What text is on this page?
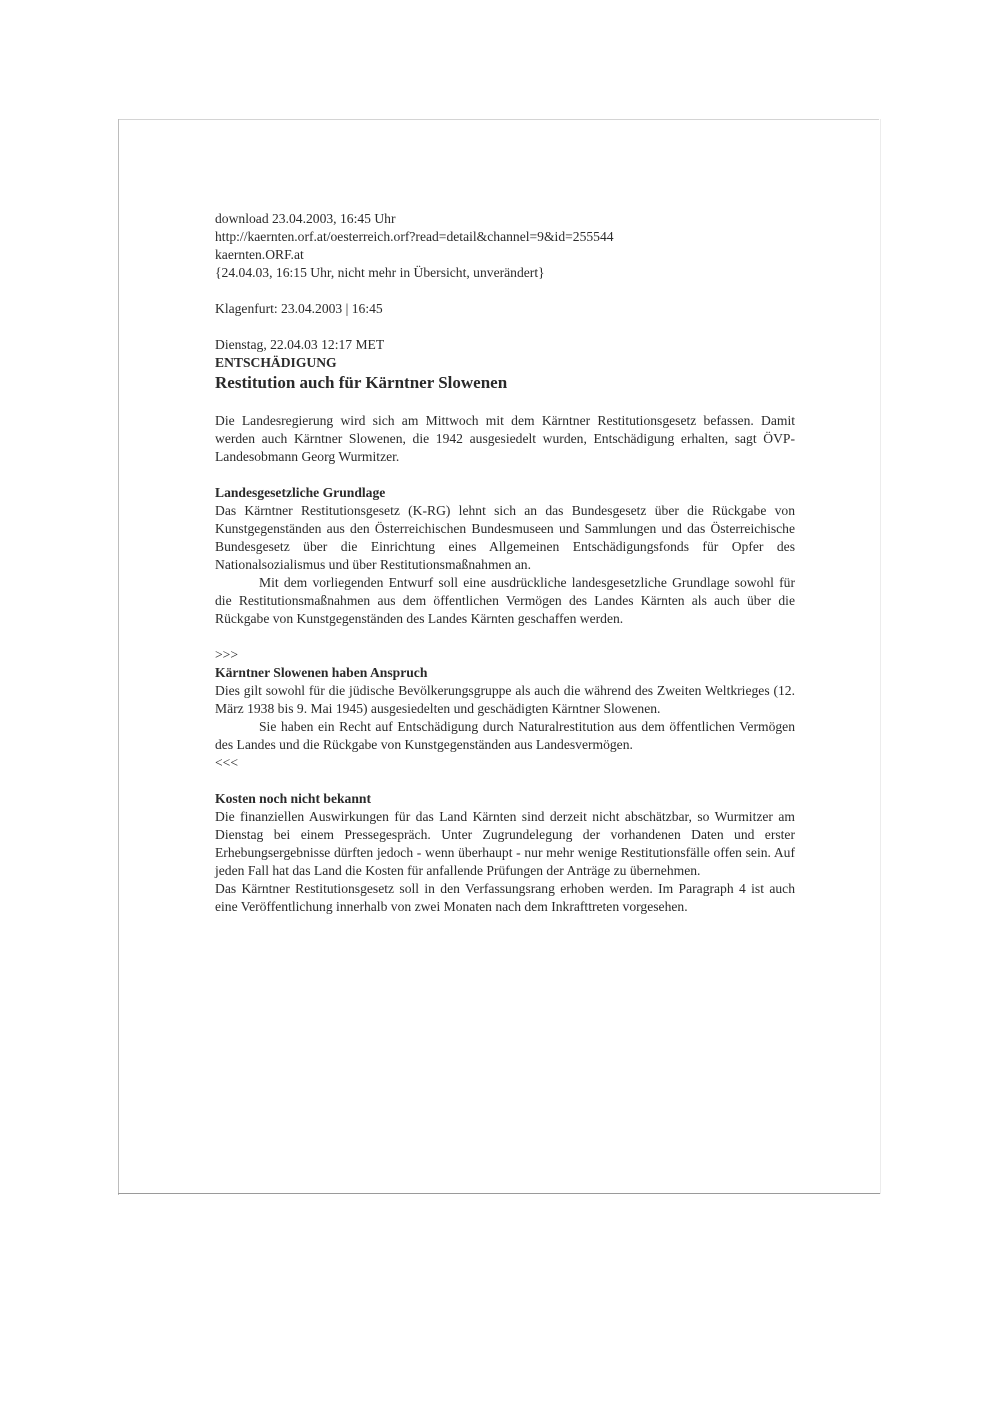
download 23.04.2003, 16:45 Uhr
http://kaernten.orf.at/oesterreich.orf?read=detail&channel=9&id=255544
kaernten.ORF.at
{24.04.03, 16:15 Uhr, nicht mehr in Übersicht, unverändert}
Klagenfurt: 23.04.2003 | 16:45
Dienstag, 22.04.03 12:17 MET
ENTSCHÄDIGUNG
Restitution auch für Kärntner Slowenen

Die Landesregierung wird sich am Mittwoch mit dem Kärntner Restitutionsgesetz befassen. Damit werden auch Kärntner Slowenen, die 1942 ausgesiedelt wurden, Entschädigung erhalten, sagt ÖVP-Landesobmann Georg Wurmitzer.

Landesgesetzliche Grundlage

Das Kärntner Restitutionsgesetz (K-RG) lehnt sich an das Bundesgesetz über die Rückgabe von Kunstgegenständen aus den Österreichischen Bundesmuseen und Sammlungen und das Österreichische Bundesgesetz über die Einrichtung eines Allgemeinen Entschädigungsfonds für Opfer des Nationalsozialismus und über Restitutionsmaßnahmen an.

Mit dem vorliegenden Entwurf soll eine ausdrückliche landesgesetzliche Grundlage sowohl für die Restitutionsmaßnahmen aus dem öffentlichen Vermögen des Landes Kärnten als auch über die Rückgabe von Kunstgegenständen des Landes Kärnten geschaffen werden.

>>>
Kärntner Slowenen haben Anspruch

Dies gilt sowohl für die jüdische Bevölkerungsgruppe als auch die während des Zweiten Weltkrieges (12. März 1938 bis 9. Mai 1945) ausgesiedelten und geschädigten Kärntner Slowenen.

Sie haben ein Recht auf Entschädigung durch Naturalrestitution aus dem öffentlichen Vermögen des Landes und die Rückgabe von Kunstgegenständen aus Landesvermögen.

<<<
Kosten noch nicht bekannt

Die finanziellen Auswirkungen für das Land Kärnten sind derzeit nicht abschätzbar, so Wurmitzer am Dienstag bei einem Pressegespräch. Unter Zugrundelegung der vorhandenen Daten und erster Erhebungsergebnisse dürften jedoch - wenn überhaupt - nur mehr wenige Restitutionsfälle offen sein. Auf jeden Fall hat das Land die Kosten für anfallende Prüfungen der Anträge zu übernehmen.

Das Kärntner Restitutionsgesetz soll in den Verfassungsrang erhoben werden. Im Paragraph 4 ist auch eine Veröffentlichung innerhalb von zwei Monaten nach dem Inkrafttreten vorgesehen.
